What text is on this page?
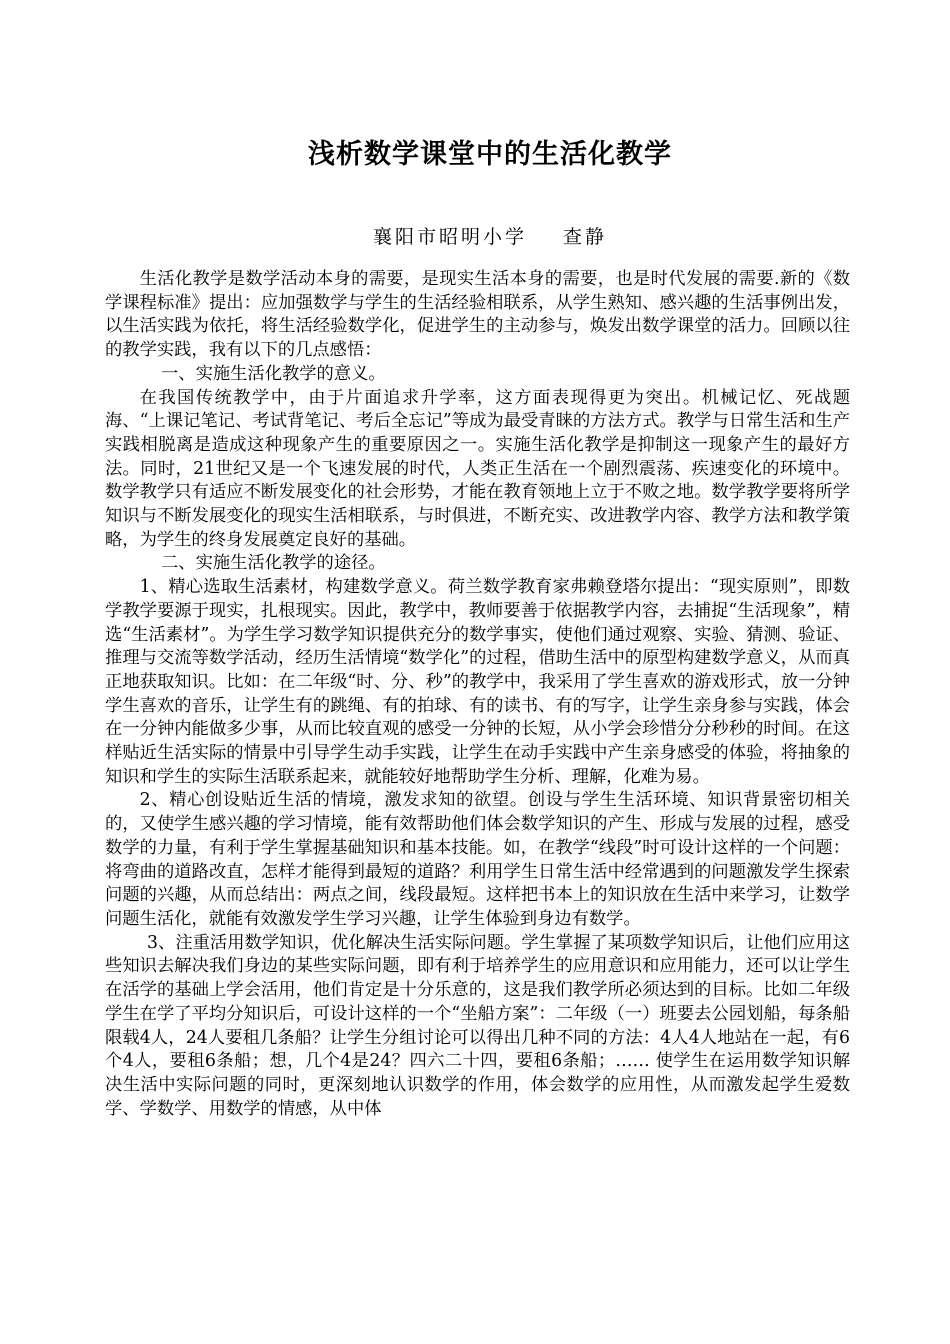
浅析数学课堂中的生活化教学
襄阳市昭明小学 查静

生活化教学是数学活动本身的需要，是现实生活本身的需要，也是时代发展的需要.新的《数学课程标准》提出：应加强数学与学生的生活经验相联系，从学生熟知、感兴趣的生活事例出发，以生活实践为依托，将生活经验数学化，促进学生的主动参与，焕发出数学课堂的活力。回顾以往的教学实践，我有以下的几点感悟：

一、实施生活化教学的意义。

在我国传统教学中，由于片面追求升学率，这方面表现得更为突出。机械记忆、死战题海、“上课记笔记、考试背笔记、考后全忘记”等成为最受青睐的方法方式。教学与日常生活和生产实践相脱离是造成这种现象产生的重要原因之一。实施生活化教学是抑制这一现象产生的最好方法。同时，21世纪又是一个飞速发展的时代，人类正生活在一个剧烈震荡、疾速变化的环境中。数学教学只有适应不断发展变化的社会形势，才能在教育领地上立于不败之地。数学教学要将所学知识与不断发展变化的现实生活相联系，与时俱进，不断充实、改进教学内容、教学方法和教学策略，为学生的终身发展奠定良好的基础。

二、实施生活化教学的途径。

1、精心选取生活素材，构建数学意义。荷兰数学教育家弗赖登塔尔提出：“现实原则”，即数学教学要源于现实，扎根现实。因此，教学中，教师要善于依据教学内容，去捕捉“生活现象”，精选“生活素材”。为学生学习数学知识提供充分的数学事实，使他们通过观察、实验、猜测、验证、推理与交流等数学活动，经历生活情境“数学化”的过程，借助生活中的原型构建数学意义，从而真正地获取知识。比如：在二年级“时、分、秒”的教学中，我采用了学生喜欢的游戏形式，放一分钟学生喜欢的音乐，让学生有的跳绳、有的拍球、有的读书、有的写字，让学生亲身参与实践，体会在一分钟内能做多少事，从而比较直观的感受一分钟的长短，从小学会珍惜分分秒秒的时间。在这样贴近生活实际的情景中引导学生动手实践，让学生在动手实践中产生亲身感受的体验，将抽象的知识和学生的实际生活联系起来，就能较好地帮助学生分析、理解，化难为易。

2、精心创设贴近生活的情境，激发求知的欲望。创设与学生生活环境、知识背景密切相关的，又使学生感兴趣的学习情境，能有效帮助他们体会数学知识的产生、形成与发展的过程，感受数学的力量，有利于学生掌握基础知识和基本技能。如，在教学“线段”时可设计这样的一个问题：将弯曲的道路改直，怎样才能得到最短的道路？利用学生日常生活中经常遇到的问题激发学生探索问题的兴趣，从而总结出：两点之间，线段最短。这样把书本上的知识放在生活中来学习，让数学问题生活化，就能有效激发学生学习兴趣，让学生体验到身边有数学。

3、注重活用数学知识，优化解决生活实际问题。学生掌握了某项数学知识后，让他们应用这些知识去解决我们身边的某些实际问题，即有利于培养学生的应用意识和应用能力，还可以让学生在活学的基础上学会活用，他们肯定是十分乐意的，这是我们教学所必须达到的目标。比如二年级学生在学了平均分知识后，可设计这样的一个“坐船方案”：二年级（一）班要去公园划船，每条船限载4人，24人要租几条船？让学生分组讨论可以得出几种不同的方法：4人4人地站在一起，有6个4人，要租6条船；想，几个4是24？四六二十四，要租6条船；…… 使学生在运用数学知识解决生活中实际问题的同时，更深刻地认识数学的作用，体会数学的应用性，从而激发起学生爱数学、学数学、用数学的情感，从中体
